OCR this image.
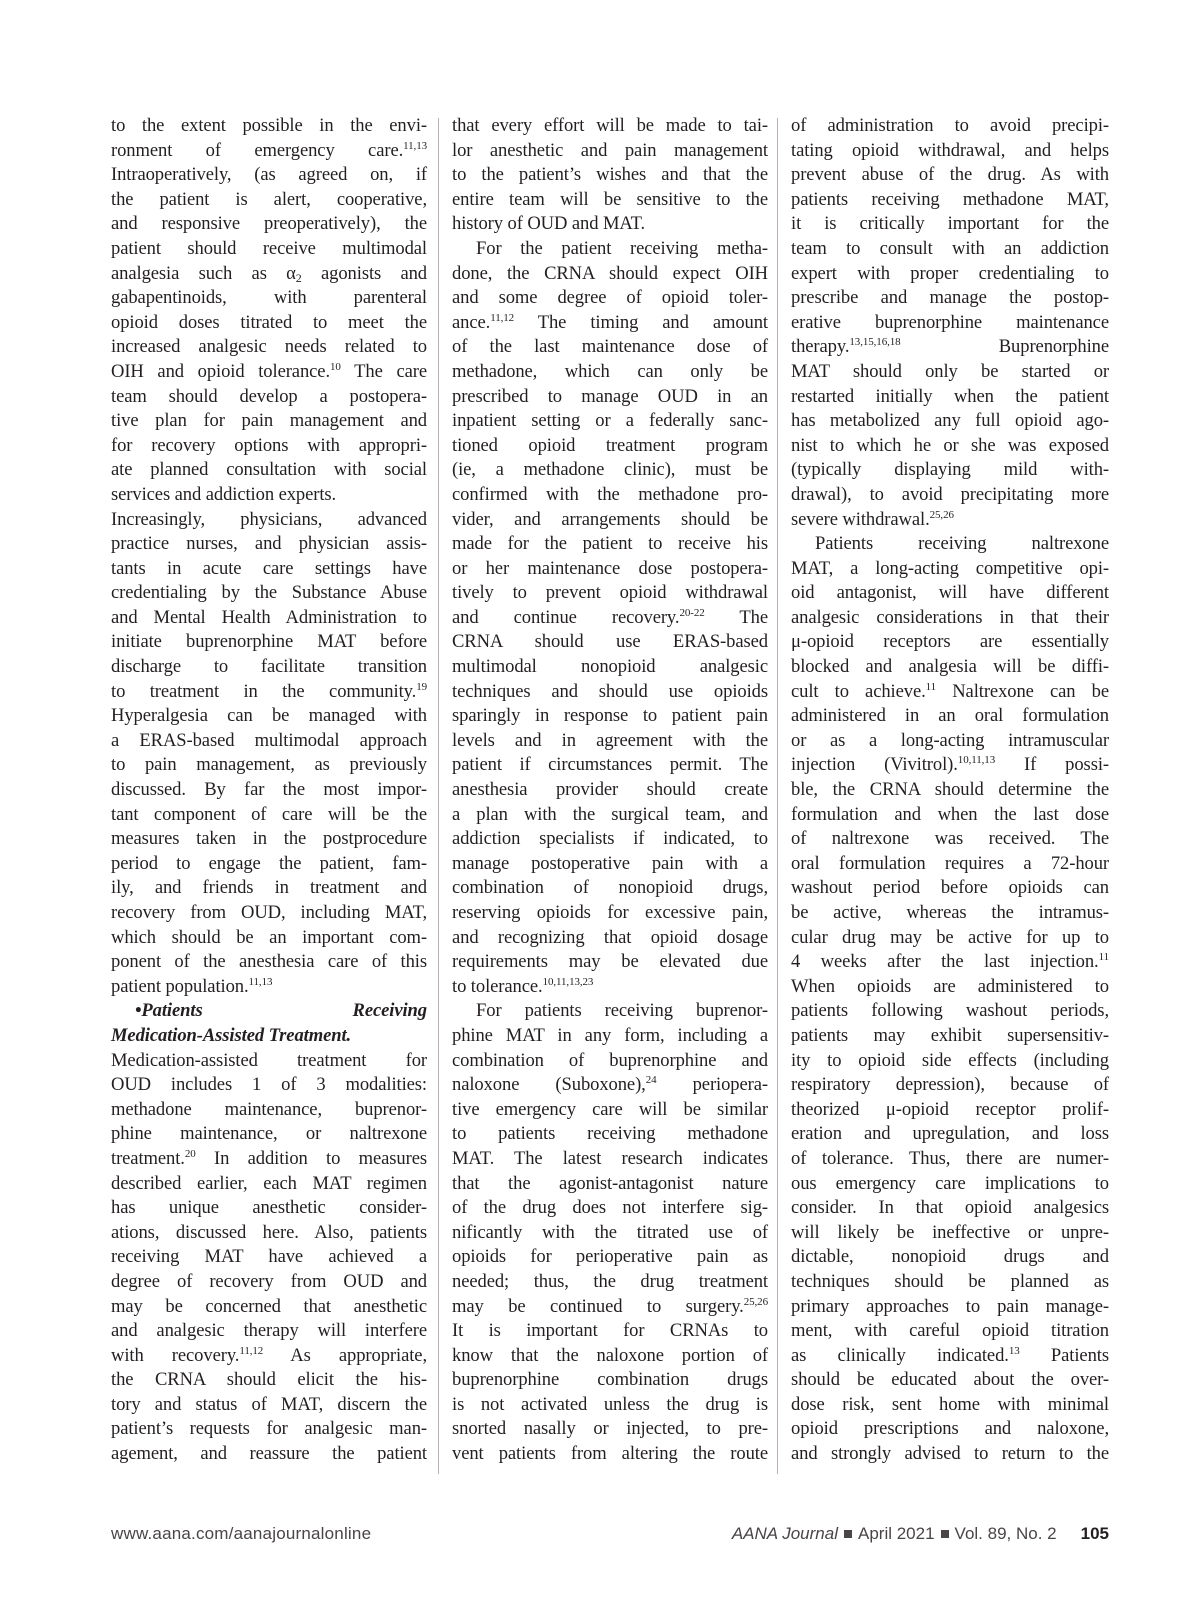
to the extent possible in the envi-
ronment of emergency care.$^{11,13}$
Intraoperatively, (as agreed on, if
the patient is alert, cooperative,
and responsive preoperatively), the
patient should receive multimodal
analgesia such as $\alpha_2$ agonists and
gabapentinoids, with parenteral
opioid doses titrated to meet the
increased analgesic needs related to
OIH and opioid tolerance.$^{10}$ The care
team should develop a postopera-
tive plan for pain management and
for recovery options with appropri-
ate planned consultation with social
services and addiction experts.
Increasingly, physicians, advanced
practice nurses, and physician assis-
tants in acute care settings have
credentialing by the Substance Abuse
and Mental Health Administration to
initiate buprenorphine MAT before
discharge to facilitate transition
to treatment in the community.$^{19}$
Hyperalgesia can be managed with
a ERAS-based multimodal approach
to pain management, as previously
discussed. By far the most impor-
tant component of care will be the
measures taken in the postprocedure
period to engage the patient, fam-
ily, and friends in treatment and
recovery from OUD, including MAT,
which should be an important com-
ponent of the anesthesia care of this
patient population.$^{11,13}$
•Patients Receiving
Medication-Assisted Treatment.
Medication-assisted treatment for
OUD includes 1 of 3 modalities:
methadone maintenance, buprenor-
phine maintenance, or naltrexone
treatment.$^{20}$ In addition to measures
described earlier, each MAT regimen
has unique anesthetic consider-
ations, discussed here. Also, patients
receiving MAT have achieved a
degree of recovery from OUD and
may be concerned that anesthetic
and analgesic therapy will interfere
with recovery.$^{11,12}$ As appropriate,
the CRNA should elicit the his-
tory and status of MAT, discern the
patient’s requests for analgesic man-
agement, and reassure the patient
that every effort will be made to tai-
lor anesthetic and pain management
to the patient’s wishes and that the
entire team will be sensitive to the
history of OUD and MAT.
For the patient receiving metha-
done, the CRNA should expect OIH
and some degree of opioid toler-
ance.$^{11,12}$ The timing and amount
of the last maintenance dose of
methadone, which can only be
prescribed to manage OUD in an
inpatient setting or a federally sanc-
tioned opioid treatment program
(ie, a methadone clinic), must be
confirmed with the methadone pro-
vider, and arrangements should be
made for the patient to receive his
or her maintenance dose postopera-
tively to prevent opioid withdrawal
and continue recovery.$^{20-22}$ The
CRNA should use ERAS-based
multimodal nonopioid analgesic
techniques and should use opioids
sparingly in response to patient pain
levels and in agreement with the
patient if circumstances permit. The
anesthesia provider should create
a plan with the surgical team, and
addiction specialists if indicated, to
manage postoperative pain with a
combination of nonopioid drugs,
reserving opioids for excessive pain,
and recognizing that opioid dosage
requirements may be elevated due
to tolerance.$^{10,11,13,23}$
For patients receiving buprenor-
phine MAT in any form, including a
combination of buprenorphine and
naloxone (Suboxone),$^{24}$ periopera-
tive emergency care will be similar
to patients receiving methadone
MAT. The latest research indicates
that the agonist-antagonist nature
of the drug does not interfere sig-
nificantly with the titrated use of
opioids for perioperative pain as
needed; thus, the drug treatment
may be continued to surgery.$^{25,26}$
It is important for CRNAs to
know that the naloxone portion of
buprenorphine combination drugs
is not activated unless the drug is
snorted nasally or injected, to pre-
vent patients from altering the route
of administration to avoid precipi-
tating opioid withdrawal, and helps
prevent abuse of the drug. As with
patients receiving methadone MAT,
it is critically important for the
team to consult with an addiction
expert with proper credentialing to
prescribe and manage the postop-
erative buprenorphine maintenance
therapy.$^{13,15,16,18}$ Buprenorphine
MAT should only be started or
restarted initially when the patient
has metabolized any full opioid ago-
nist to which he or she was exposed
(typically displaying mild with-
drawal), to avoid precipitating more
severe withdrawal.$^{25,26}$
Patients receiving naltrexone
MAT, a long-acting competitive opi-
oid antagonist, will have different
analgesic considerations in that their
μ-opioid receptors are essentially
blocked and analgesia will be diffi-
cult to achieve.$^{11}$ Naltrexone can be
administered in an oral formulation
or as a long-acting intramuscular
injection (Vivitrol).$^{10,11,13}$ If possi-
ble, the CRNA should determine the
formulation and when the last dose
of naltrexone was received. The
oral formulation requires a 72-hour
washout period before opioids can
be active, whereas the intramus-
cular drug may be active for up to
4 weeks after the last injection.$^{11}$
When opioids are administered to
patients following washout periods,
patients may exhibit supersensitiv-
ity to opioid side effects (including
respiratory depression), because of
theorized μ-opioid receptor prolif-
eration and upregulation, and loss
of tolerance. Thus, there are numer-
ous emergency care implications to
consider. In that opioid analgesics
will likely be ineffective or unpre-
dictable, nonopioid drugs and
techniques should be planned as
primary approaches to pain manage-
ment, with careful opioid titration
as clinically indicated.$^{13}$ Patients
should be educated about the over-
dose risk, sent home with minimal
opioid prescriptions and naloxone,
and strongly advised to return to the
www.aana.com/aanajournalonline	AANA Journal April 2021 Vol. 89, No. 2 105
